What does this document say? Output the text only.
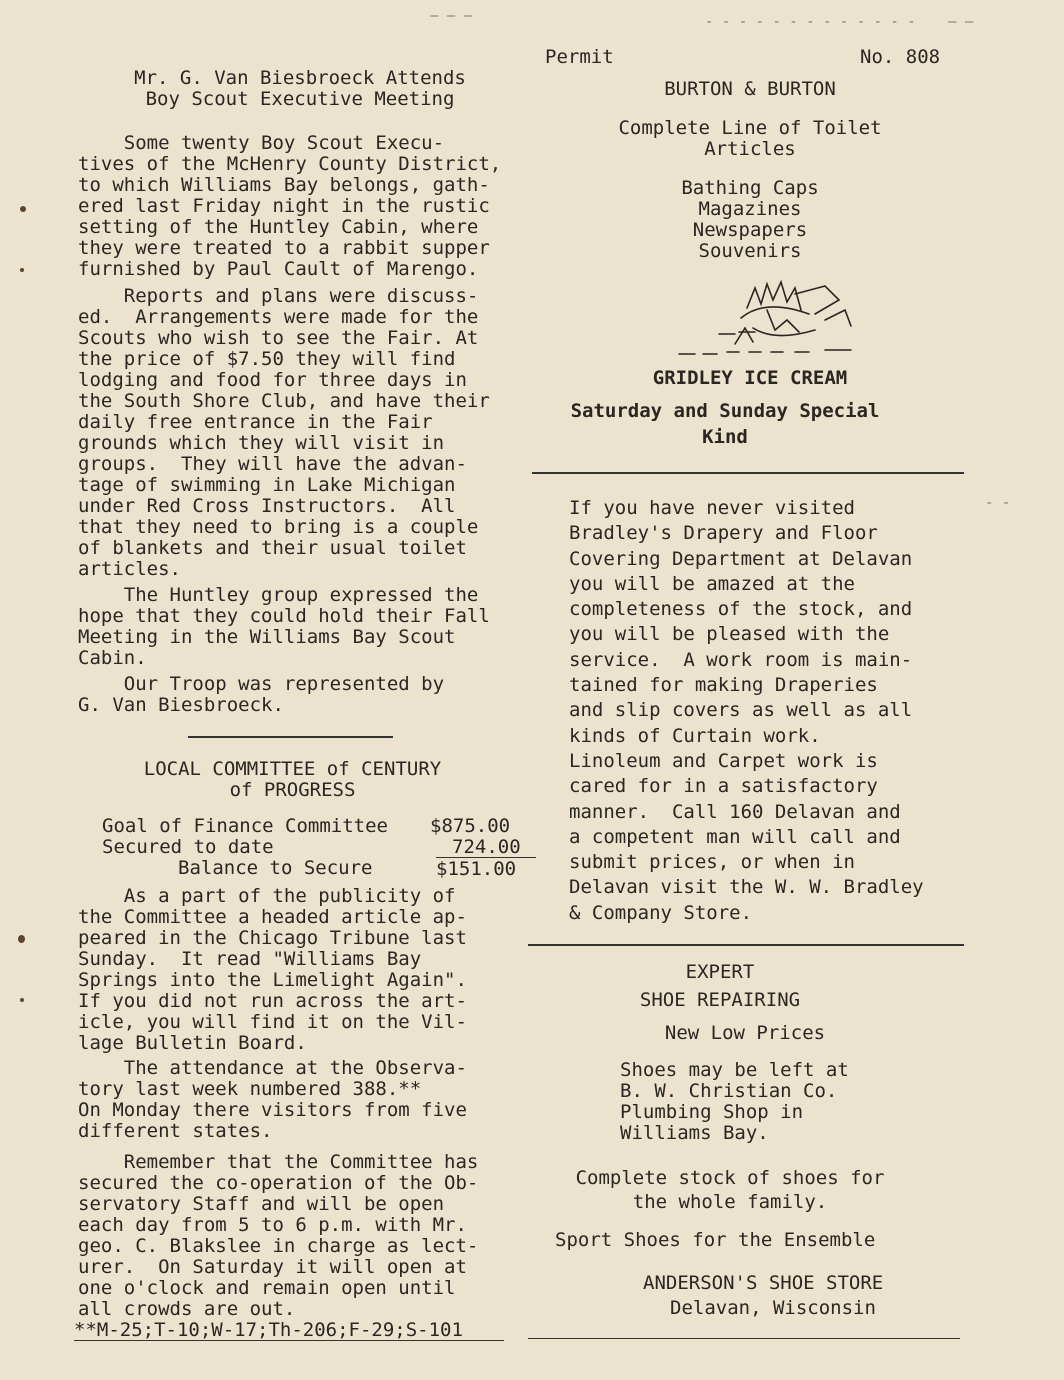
— — —	- - - - - - - - - - - - - — —
Permit	No. 808
Mr. G. Van Biesbroeck Attends
Boy Scout Executive Meeting
Some twenty Boy Scout Execu-
tives of the McHenry County District,
to which Williams Bay belongs, gath-
ered last Friday night in the rustic
setting of the Huntley Cabin, where
they were treated to a rabbit supper
furnished by Paul Cault of Marengo.
Reports and plans were discuss-
ed.  Arrangements were made for the
Scouts who wish to see the Fair. At
the price of $7.50 they will find
lodging and food for three days in
the South Shore Club, and have their
daily free entrance in the Fair
grounds which they will visit in
groups.  They will have the advan-
tage of swimming in Lake Michigan
under Red Cross Instructors.  All
that they need to bring is a couple
of blankets and their usual toilet
articles.
The Huntley group expressed the
hope that they could hold their Fall
Meeting in the Williams Bay Scout
Cabin.
Our Troop was represented by
G. Van Biesbroeck.
LOCAL COMMITTEE of CENTURY
of PROGRESS
Goal of Finance Committee $875.00
Secured to date	724.00
Balance to Secure	$151.00
As a part of the publicity of
the Committee a headed article ap-
peared in the Chicago Tribune last
Sunday.  It read "Williams Bay
Springs into the Limelight Again".
If you did not run across the art-
icle, you will find it on the Vil-
lage Bulletin Board.
The attendance at the Observa-
tory last week numbered 388.**
On Monday there visitors from five
different states.
Remember that the Committee has
secured the co-operation of the Ob-
servatory Staff and will be open
each day from 5 to 6 p.m. with Mr.
geo. C. Blakslee in charge as lect-
urer.  On Saturday it will open at
one o'clock and remain open until
all crowds are out.
**M-25;T-10;W-17;Th-206;F-29;S-101
BURTON & BURTON
Complete Line of Toilet
Articles
Bathing Caps
Magazines
Newspapers
Souvenirs
GRIDLEY ICE CREAM
Saturday and Sunday Special
Kind
If you have never visited
Bradley's Drapery and Floor
Covering Department at Delavan
you will be amazed at the
completeness of the stock, and
you will be pleased with the
service.  A work room is main-
tained for making Draperies
and slip covers as well as all
kinds of Curtain work.
Linoleum and Carpet work is
cared for in a satisfactory
manner.  Call 160 Delavan and
a competent man will call and
submit prices, or when in
Delavan visit the W. W. Bradley
& Company Store.
EXPERT
SHOE REPAIRING
New Low Prices
Shoes may be left at
B. W. Christian Co.
Plumbing Shop in
Williams Bay.
Complete stock of shoes for
the whole family.
Sport Shoes for the Ensemble
ANDERSON'S SHOE STORE
Delavan, Wisconsin
- -
